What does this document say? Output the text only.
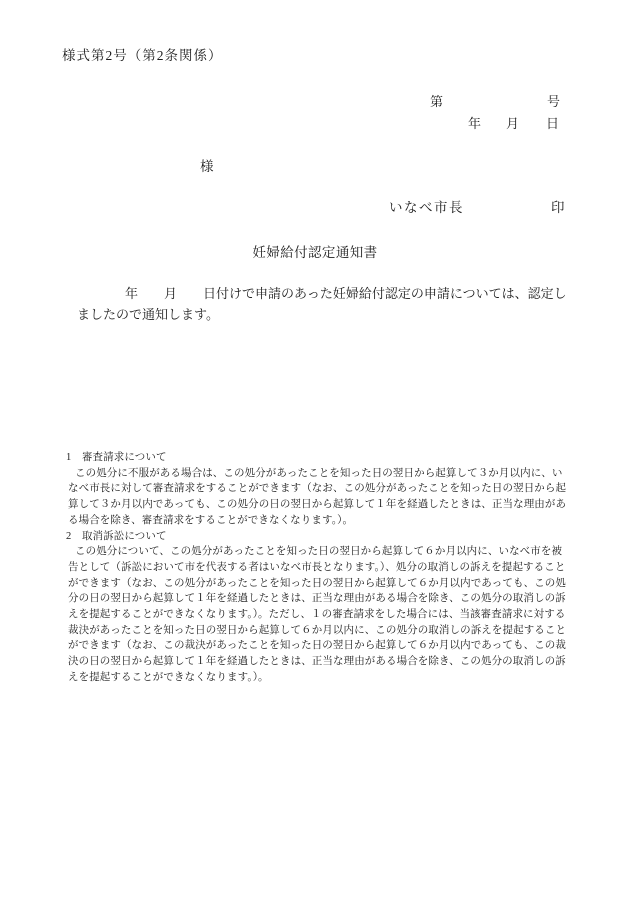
様式第2号（第2条関係）
第	号
年 月 日
様
いなべ市長	印
妊婦給付認定通知書
年　　月　　日付けで申請のあった妊婦給付認定の申請については、認定し
ましたので通知します。
1　審査請求について
この処分に不服がある場合は、この処分があったことを知った日の翌日から起算して３か月以内に、い
なべ市長に対して審査請求をすることができます（なお、この処分があったことを知った日の翌日から起
算して３か月以内であっても、この処分の日の翌日から起算して１年を経過したときは、正当な理由があ
る場合を除き、審査請求をすることができなくなります。）。
2　取消訴訟について
この処分について、この処分があったことを知った日の翌日から起算して６か月以内に、いなべ市を被
告として（訴訟において市を代表する者はいなべ市長となります。）、処分の取消しの訴えを提起すること
ができます（なお、この処分があったことを知った日の翌日から起算して６か月以内であっても、この処
分の日の翌日から起算して１年を経過したときは、正当な理由がある場合を除き、この処分の取消しの訴
えを提起することができなくなります。）。ただし、１の審査請求をした場合には、当該審査請求に対する
裁決があったことを知った日の翌日から起算して６か月以内に、この処分の取消しの訴えを提起すること
ができます（なお、この裁決があったことを知った日の翌日から起算して６か月以内であっても、この裁
決の日の翌日から起算して１年を経過したときは、正当な理由がある場合を除き、この処分の取消しの訴
えを提起することができなくなります。）。
